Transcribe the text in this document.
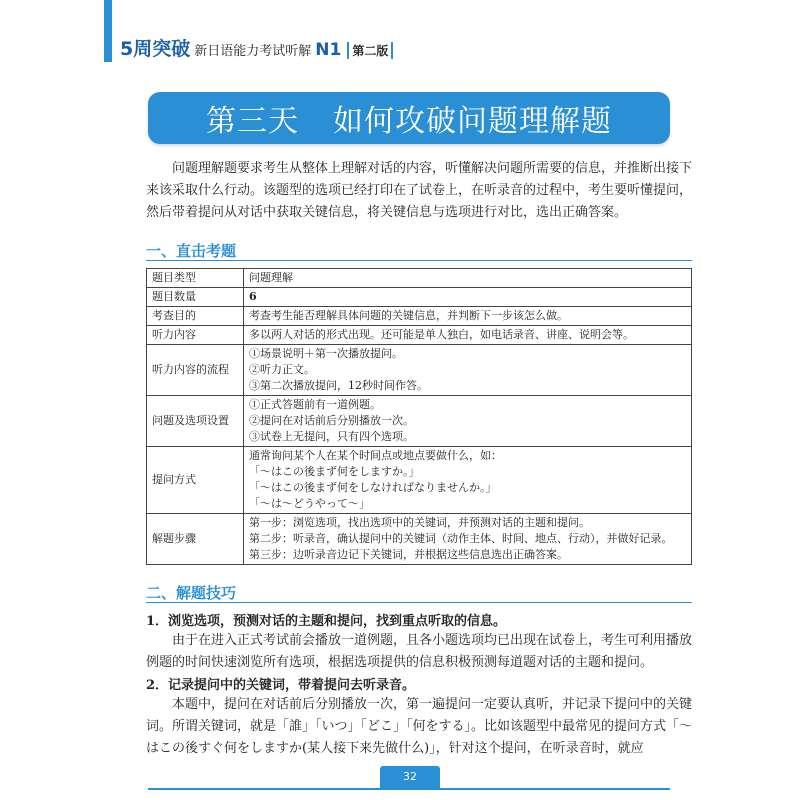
5周突破 新日语能力考试听解 N1 第二版
第三天 如何攻破问题理解题

问题理解题要求考生从整体上理解对话的内容，听懂解决问题所需要的信息，并推断出接下来该采取什么行动。该题型的选项已经打印在了试卷上，在听录音的过程中，考生要听懂提问，然后带着提问从对话中获取关键信息，将关键信息与选项进行对比，选出正确答案。

一、直击考题
题目类型	问题理解

题目数量	6

考查目的	考查考生能否理解具体问题的关键信息，并判断下一步该怎么做。

听力内容	多以两人对话的形式出现。还可能是单人独白，如电话录音、讲座、说明会等。

听力内容的流程	①场景说明＋第一次播放提问。
②听力正文。
③第二次播放提问，12秒时间作答。

问题及选项设置	①正式答题前有一道例题。
②提问在对话前后分别播放一次。
③试卷上无提问，只有四个选项。

提问方式	通常询问某个人在某个时间点或地点要做什么，如：
「～はこの後まず何をしますか。」
「～はこの後まず何をしなければなりませんか。」
「～は～どうやって～」

解题步骤	第一步：浏览选项，找出选项中的关键词，并预测对话的主题和提问。
第二步：听录音，确认提问中的关键词（动作主体、时间、地点、行动），并做好记录。
第三步：边听录音边记下关键词，并根据这些信息选出正确答案。
二、解题技巧
1．浏览选项，预测对话的主题和提问，找到重点听取的信息。

由于在进入正式考试前会播放一道例题，且各小题选项均已出现在试卷上，考生可利用播放例题的时间快速浏览所有选项，根据选项提供的信息积极预测每道题对话的主题和提问。

2．记录提问中的关键词，带着提问去听录音。

本题中，提问在对话前后分别播放一次，第一遍提问一定要认真听，并记录下提问中的关键词。所谓关键词，就是「誰」「いつ」「どこ」「何をする」。比如该题型中最常见的提问方式「～はこの後すぐ何をしますか(某人接下来先做什么)」，针对这个提问，在听录音时，就应

32
